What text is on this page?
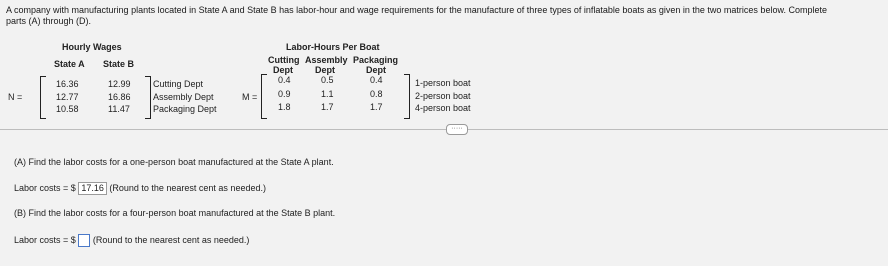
A company with manufacturing plants located in State A and State B has labor-hour and wage requirements for the manufacture of three types of inflatable boats as given in the two matrices below. Complete
parts (A) through (D).
Hourly Wages
State A State B
N =
16.36	12.99 Cutting Dept
12.77	16.86 Assembly Dept
10.58	11.47	Packaging Dept
Labor-Hours Per Boat
Cutting Assembly Packaging
Dept Dept	Dept
M =
0.4	0.5	0.4	1-person boat
0.9	1.1	0.8	2-person boat
1.8	1.7	1.7	4-person boat
·····
(A) Find the labor costs for a one-person boat manufactured at the State A plant.
Labor costs = $ 17.16 (Round to the nearest cent as needed.)
(B) Find the labor costs for a four-person boat manufactured at the State B plant.
Labor costs = $ (Round to the nearest cent as needed.)
